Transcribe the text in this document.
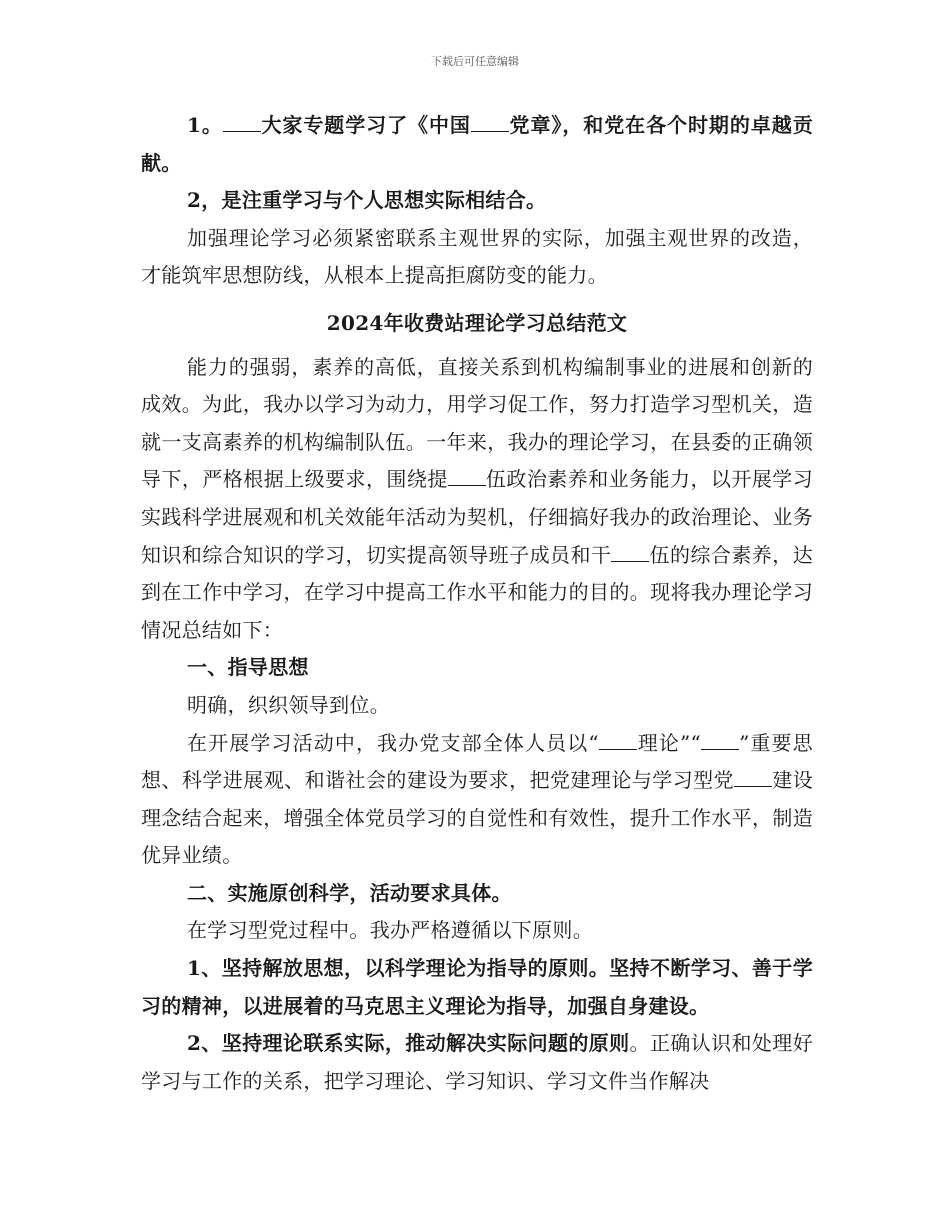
下载后可任意编辑

1。 大家专题学习了《中国 党章》，和党在各个时期的卓越贡献。

2，是注重学习与个人思想实际相结合。

加强理论学习必须紧密联系主观世界的实际，加强主观世界的改造，才能筑牢思想防线，从根本上提高拒腐防变的能力。

2024年收费站理论学习总结范文

能力的强弱，素养的高低，直接关系到机构编制事业的进展和创新的成效。为此，我办以学习为动力，用学习促工作，努力打造学习型机关，造就一支高素养的机构编制队伍。一年来，我办的理论学习，在县委的正确领导下，严格根据上级要求，围绕提 伍政治素养和业务能力，以开展学习实践科学进展观和机关效能年活动为契机，仔细搞好我办的政治理论、业务知识和综合知识的学习，切实提高领导班子成员和干 伍的综合素养，达到在工作中学习，在学习中提高工作水平和能力的目的。现将我办理论学习情况总结如下：

一、指导思想

明确，织织领导到位。

在开展学习活动中，我办党支部全体人员以“ 理论”“ ”重要思想、科学进展观、和谐社会的建设为要求，把党建理论与学习型党 建设理念结合起来，增强全体党员学习的自觉性和有效性，提升工作水平，制造优异业绩。

二、实施原创科学，活动要求具体。

在学习型党过程中。我办严格遵循以下原则。

1、坚持解放思想，以科学理论为指导的原则。坚持不断学习、善于学习的精神，以进展着的马克思主义理论为指导，加强自身建设。

2、坚持理论联系实际，推动解决实际问题的原则。正确认识和处理好学习与工作的关系，把学习理论、学习知识、学习文件当作解决
